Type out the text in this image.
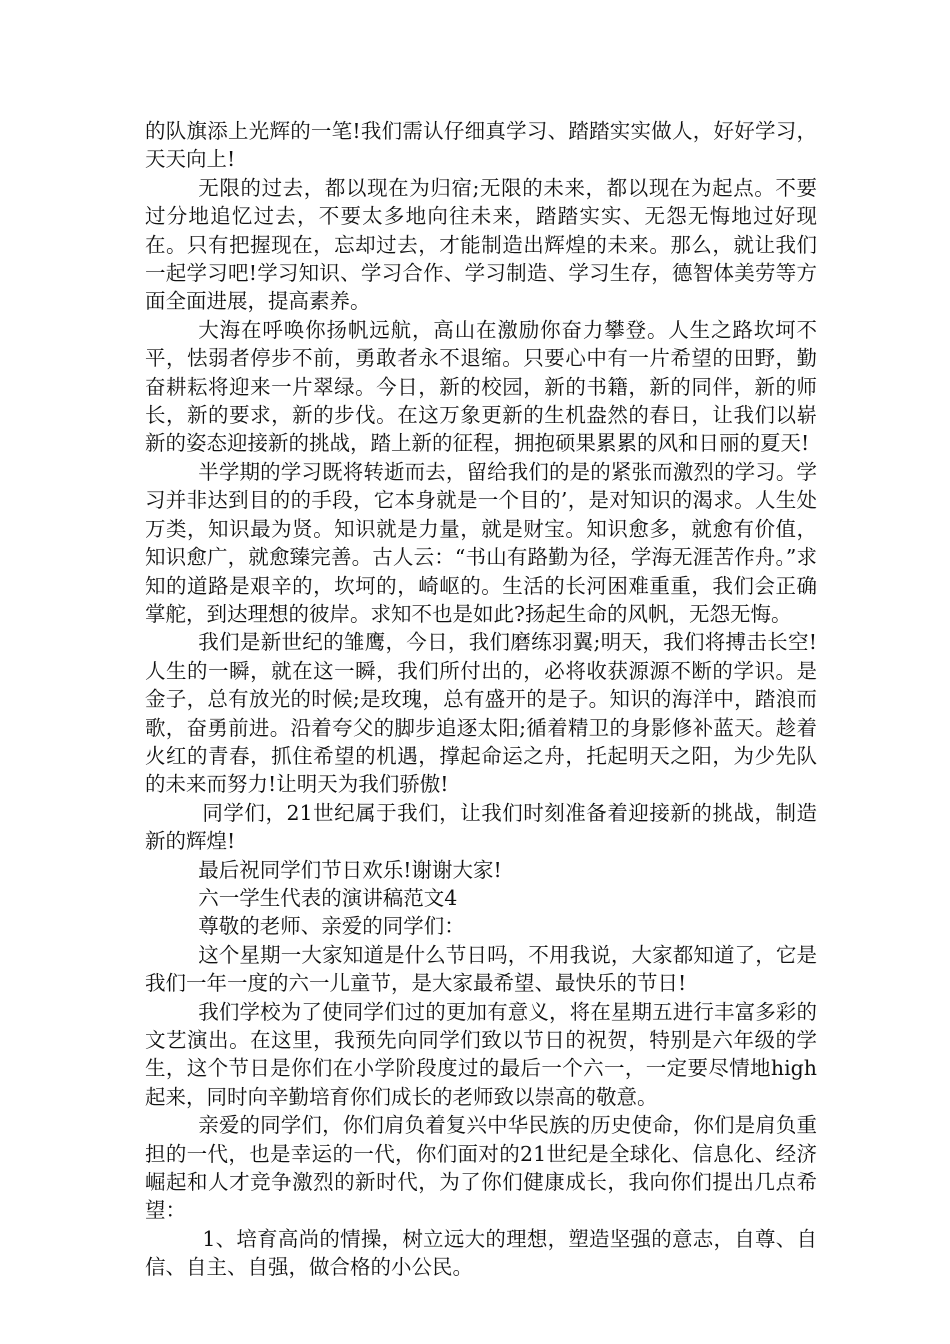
的队旗添上光辉的一笔!我们需认仔细真学习、踏踏实实做人，好好学习，天天向上!

无限的过去，都以现在为归宿;无限的未来，都以现在为起点。不要过分地追忆过去，不要太多地向往未来，踏踏实实、无怨无悔地过好现在。只有把握现在，忘却过去，才能制造出辉煌的未来。那么，就让我们一起学习吧!学习知识、学习合作、学习制造、学习生存，德智体美劳等方面全面进展，提高素养。

大海在呼唤你扬帆远航，高山在激励你奋力攀登。人生之路坎坷不平，怯弱者停步不前，勇敢者永不退缩。只要心中有一片希望的田野，勤奋耕耘将迎来一片翠绿。今日，新的校园，新的书籍，新的同伴，新的师长，新的要求，新的步伐。在这万象更新的生机盎然的春日，让我们以崭新的姿态迎接新的挑战，踏上新的征程，拥抱硕果累累的风和日丽的夏天!

半学期的学习既将转逝而去，留给我们的是的紧张而激烈的学习。学习并非达到目的的手段，它本身就是一个目的’，是对知识的渴求。人生处万类，知识最为贤。知识就是力量，就是财宝。知识愈多，就愈有价值，知识愈广，就愈臻完善。古人云：“书山有路勤为径，学海无涯苦作舟。”求知的道路是艰辛的，坎坷的，崎岖的。生活的长河困难重重，我们会正确掌舵，到达理想的彼岸。求知不也是如此?扬起生命的风帆，无怨无悔。

我们是新世纪的雏鹰，今日，我们磨练羽翼;明天，我们将搏击长空!人生的一瞬，就在这一瞬，我们所付出的，必将收获源源不断的学识。是金子，总有放光的时候;是玫瑰，总有盛开的是子。知识的海洋中，踏浪而歌，奋勇前进。沿着夸父的脚步追逐太阳;循着精卫的身影修补蓝天。趁着火红的青春，抓住希望的机遇，撑起命运之舟，托起明天之阳，为少先队的未来而努力!让明天为我们骄傲!

同学们，21世纪属于我们，让我们时刻准备着迎接新的挑战，制造新的辉煌!

最后祝同学们节日欢乐!谢谢大家!

六一学生代表的演讲稿范文4

尊敬的老师、亲爱的同学们：

这个星期一大家知道是什么节日吗，不用我说，大家都知道了，它是我们一年一度的六一儿童节，是大家最希望、最快乐的节日!

我们学校为了使同学们过的更加有意义，将在星期五进行丰富多彩的文艺演出。在这里，我预先向同学们致以节日的祝贺，特别是六年级的学生，这个节日是你们在小学阶段度过的最后一个六一，一定要尽情地high起来，同时向辛勤培育你们成长的老师致以崇高的敬意。

亲爱的同学们，你们肩负着复兴中华民族的历史使命，你们是肩负重担的一代，也是幸运的一代，你们面对的21世纪是全球化、信息化、经济崛起和人才竞争激烈的新时代，为了你们健康成长，我向你们提出几点希望：

1、培育高尚的情操，树立远大的理想，塑造坚强的意志，自尊、自信、自主、自强，做合格的小公民。
